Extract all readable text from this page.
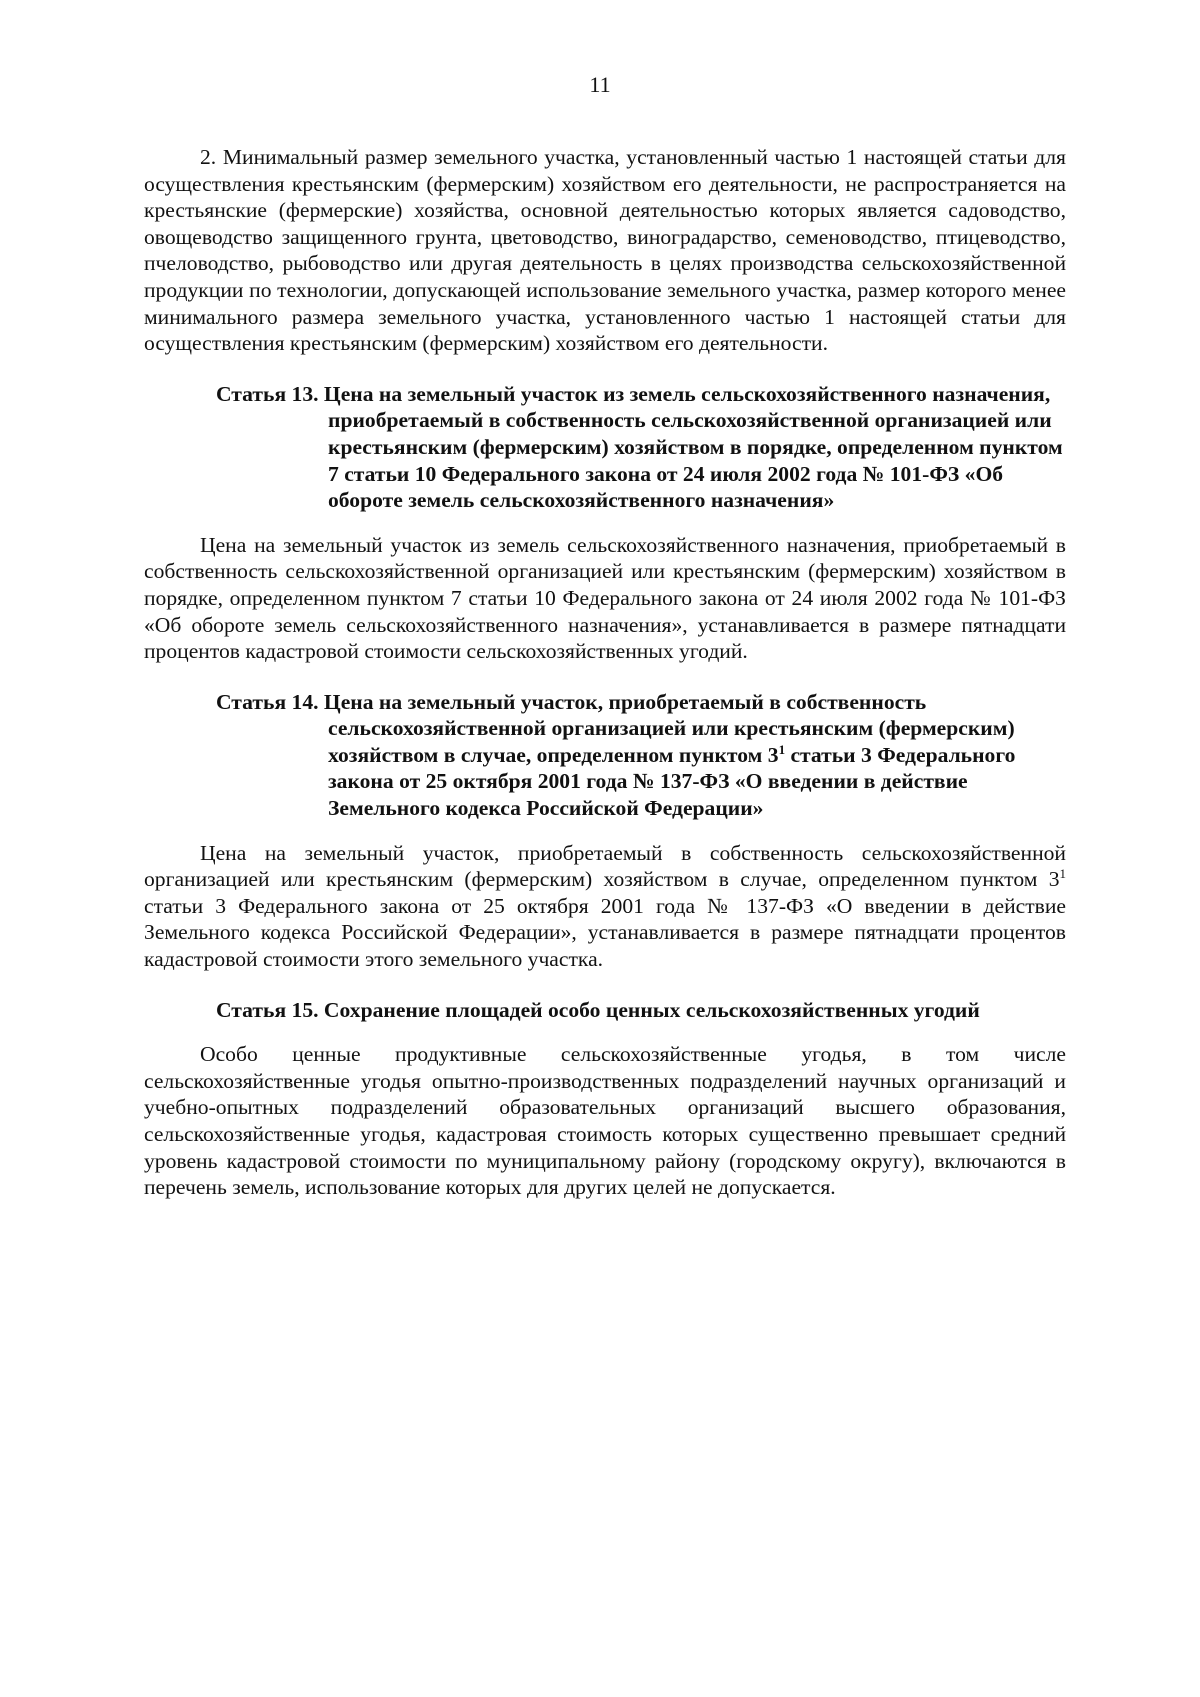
11

2. Минимальный размер земельного участка, установленный частью 1 настоящей статьи для осуществления крестьянским (фермерским) хозяйством его деятельности, не распространяется на крестьянские (фермерские) хозяйства, основной деятельностью которых является садоводство, овощеводство защищенного грунта, цветоводство, виноградарство, семеноводство, птицеводство, пчеловодство, рыбоводство или другая деятельность в целях производства сельскохозяйственной продукции по технологии, допускающей использование земельного участка, размер которого менее минимального размера земельного участка, установленного частью 1 настоящей статьи для осуществления крестьянским (фермерским) хозяйством его деятельности.

Статья 13. Цена на земельный участок из земель сельскохозяйственного назначения, приобретаемый в собственность сельскохозяйственной организацией или крестьянским (фермерским) хозяйством в порядке, определенном пунктом 7 статьи 10 Федерального закона от 24 июля 2002 года № 101-ФЗ «Об обороте земель сельскохозяйственного назначения»

Цена на земельный участок из земель сельскохозяйственного назначения, приобретаемый в собственность сельскохозяйственной организацией или крестьянским (фермерским) хозяйством в порядке, определенном пунктом 7 статьи 10 Федерального закона от 24 июля 2002 года № 101-ФЗ «Об обороте земель сельскохозяйственного назначения», устанавливается в размере пятнадцати процентов кадастровой стоимости сельскохозяйственных угодий.

Статья 14. Цена на земельный участок, приобретаемый в собственность сельскохозяйственной организацией или крестьянским (фермерским) хозяйством в случае, определенном пунктом $3^1$ статьи 3 Федерального закона от 25 октября 2001 года № 137-ФЗ «О введении в действие Земельного кодекса Российской Федерации»

Цена на земельный участок, приобретаемый в собственность сельскохозяйственной организацией или крестьянским (фермерским) хозяйством в случае, определенном пунктом $3^1$ статьи 3 Федерального закона от 25 октября 2001 года № 137-ФЗ «О введении в действие Земельного кодекса Российской Федерации», устанавливается в размере пятнадцати процентов кадастровой стоимости этого земельного участка.

Статья 15. Сохранение площадей особо ценных сельскохозяйственных угодий

Особо ценные продуктивные сельскохозяйственные угодья, в том числе сельскохозяйственные угодья опытно-производственных подразделений научных организаций и учебно-опытных подразделений образовательных организаций высшего образования, сельскохозяйственные угодья, кадастровая стоимость которых существенно превышает средний уровень кадастровой стоимости по муниципальному району (городскому округу), включаются в перечень земель, использование которых для других целей не допускается.
